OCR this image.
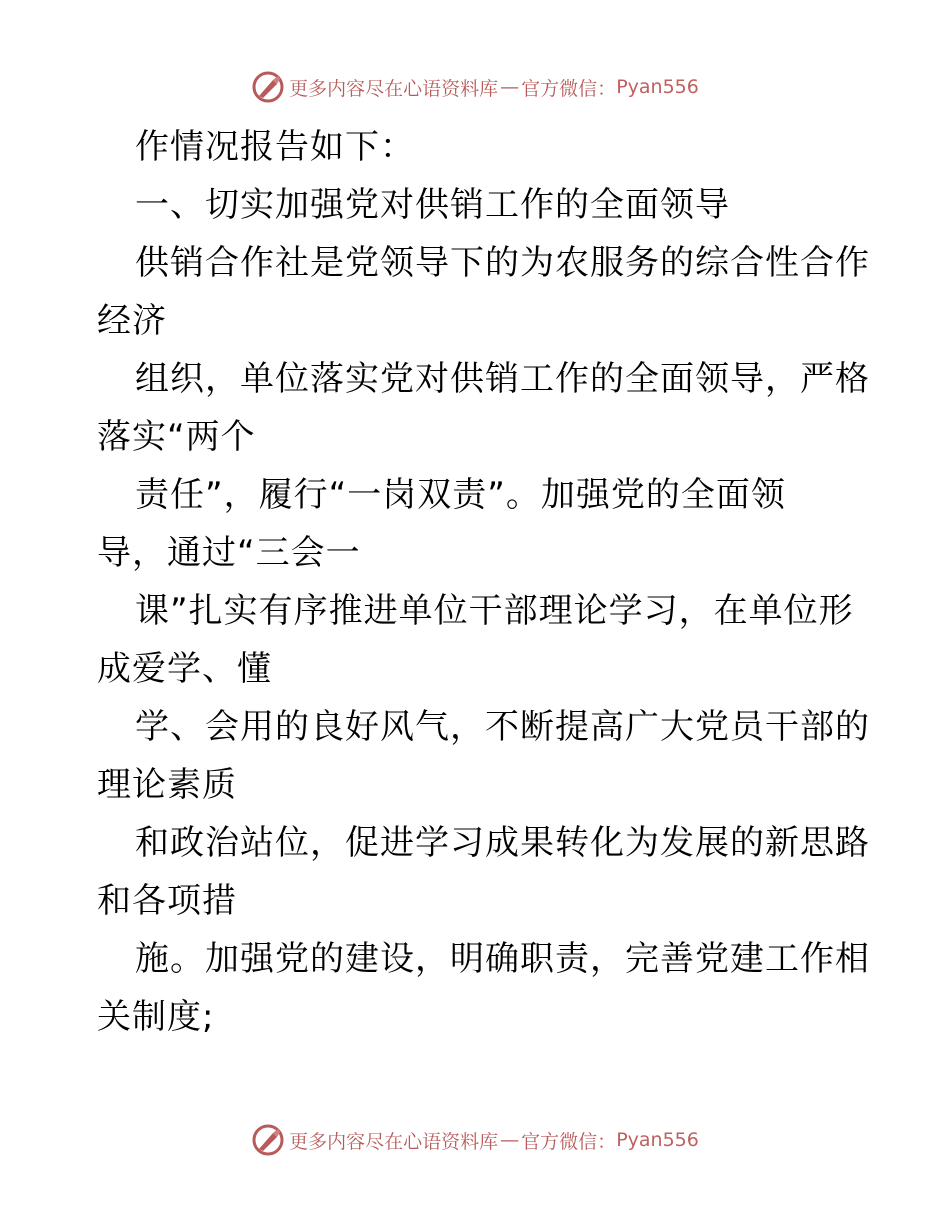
更多内容尽在心语资料库 — 官方微信： Pyan556
作情况报告如下：
一、切实加强党对供销工作的全面领导
供销合作社是党领导下的为农服务的综合性合作
经济
组织，单位落实党对供销工作的全面领导，严格
落实“两个
责任”，履行“一岗双责”。加强党的全面领
导，通过“三会一
课”扎实有序推进单位干部理论学习，在单位形
成爱学、懂
学、会用的良好风气，不断提高广大党员干部的
理论素质
和政治站位，促进学习成果转化为发展的新思路
和各项措
施。加强党的建设，明确职责，完善党建工作相
关制度;
更多内容尽在心语资料库 — 官方微信： Pyan556
